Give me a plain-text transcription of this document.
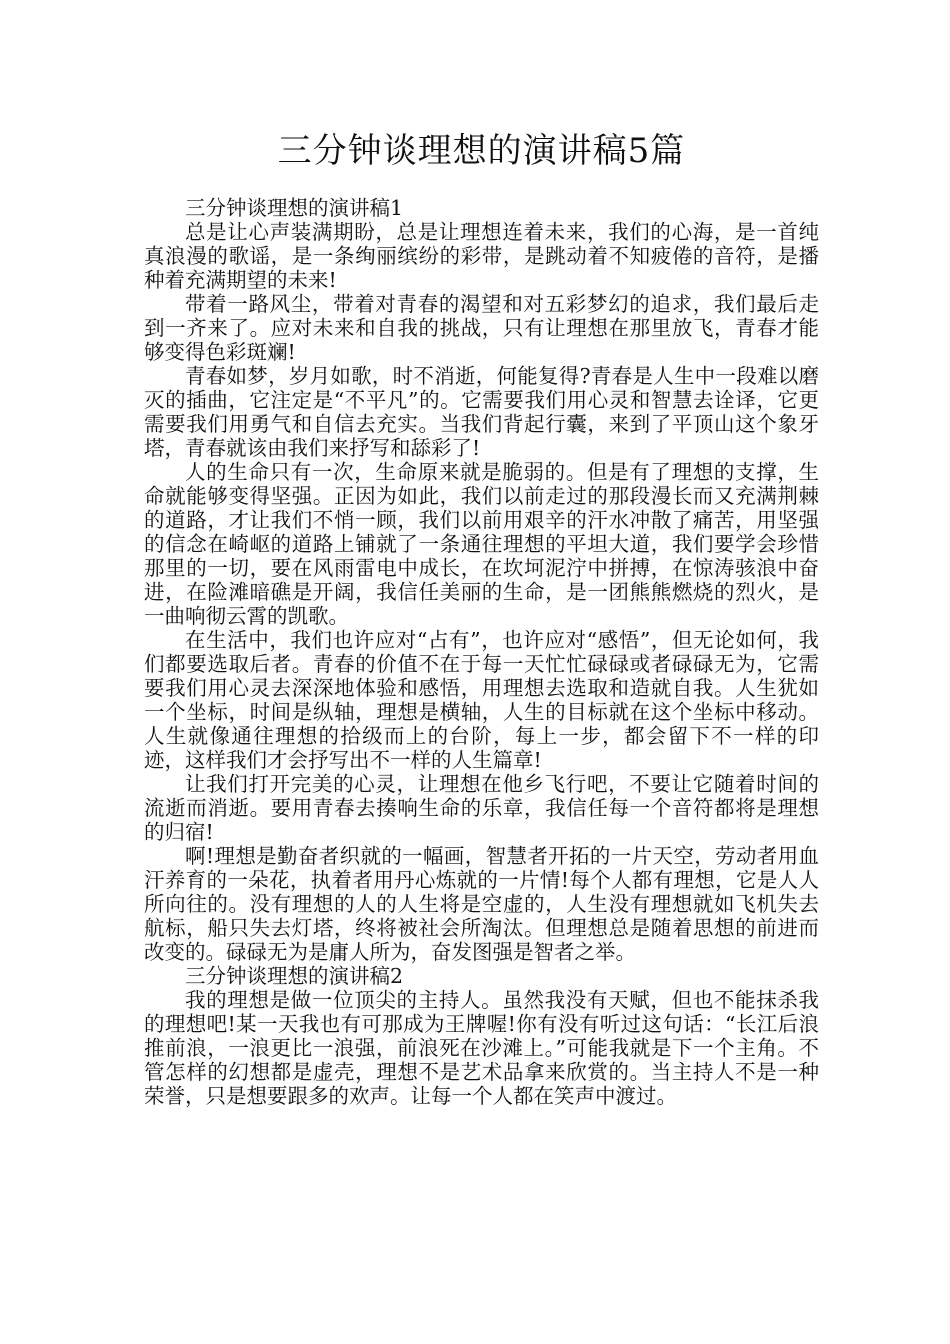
三分钟谈理想的演讲稿5篇

三分钟谈理想的演讲稿1

总是让心声装满期盼，总是让理想连着未来，我们的心海，是一首纯真浪漫的歌谣，是一条绚丽缤纷的彩带，是跳动着不知疲倦的音符，是播种着充满期望的未来!

带着一路风尘，带着对青春的渴望和对五彩梦幻的追求，我们最后走到一齐来了。应对未来和自我的挑战，只有让理想在那里放飞，青春才能够变得色彩斑斓!

青春如梦，岁月如歌，时不消逝，何能复得?青春是人生中一段难以磨灭的插曲，它注定是“不平凡”的。它需要我们用心灵和智慧去诠译，它更需要我们用勇气和自信去充实。当我们背起行囊，来到了平顶山这个象牙塔，青春就该由我们来抒写和舔彩了!

人的生命只有一次，生命原来就是脆弱的。但是有了理想的支撑，生命就能够变得坚强。正因为如此，我们以前走过的那段漫长而又充满荆棘的道路，才让我们不悄一顾，我们以前用艰辛的汗水冲散了痛苦，用坚强的信念在崎岖的道路上铺就了一条通往理想的平坦大道，我们要学会珍惜那里的一切，要在风雨雷电中成长，在坎坷泥泞中拼搏，在惊涛骇浪中奋进，在险滩暗礁是开阔，我信任美丽的生命，是一团熊熊燃烧的烈火，是一曲响彻云霄的凯歌。

在生活中，我们也许应对“占有”，也许应对“感悟”，但无论如何，我们都要选取后者。青春的价值不在于每一天忙忙碌碌或者碌碌无为，它需要我们用心灵去深深地体验和感悟，用理想去选取和造就自我。人生犹如一个坐标，时间是纵轴，理想是横轴，人生的目标就在这个坐标中移动。人生就像通往理想的拾级而上的台阶，每上一步，都会留下不一样的印迹，这样我们才会抒写出不一样的人生篇章!

让我们打开完美的心灵，让理想在他乡飞行吧，不要让它随着时间的流逝而消逝。要用青春去揍响生命的乐章，我信任每一个音符都将是理想的归宿!

啊!理想是勤奋者织就的一幅画，智慧者开拓的一片天空，劳动者用血汗养育的一朵花，执着者用丹心炼就的一片情!每个人都有理想，它是人人所向往的。没有理想的人的人生将是空虚的，人生没有理想就如飞机失去航标，船只失去灯塔，终将被社会所淘汰。但理想总是随着思想的前进而改变的。碌碌无为是庸人所为，奋发图强是智者之举。

三分钟谈理想的演讲稿2

我的理想是做一位顶尖的主持人。虽然我没有天赋，但也不能抹杀我的理想吧!某一天我也有可那成为王牌喔!你有没有听过这句话：“长江后浪推前浪，一浪更比一浪强，前浪死在沙滩上。”可能我就是下一个主角。不管怎样的幻想都是虚壳，理想不是艺术品拿来欣赏的。当主持人不是一种荣誉，只是想要跟多的欢声。让每一个人都在笑声中渡过。
